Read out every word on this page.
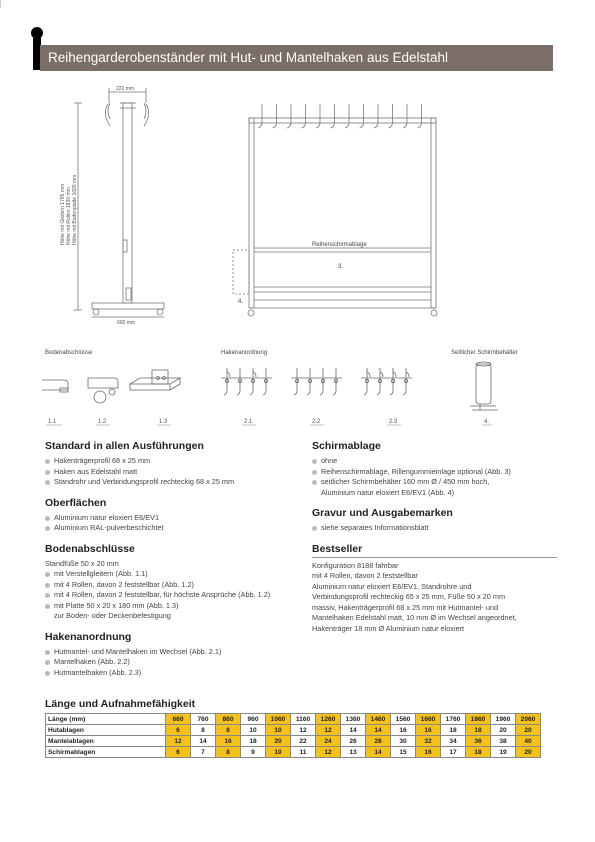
Reihengarderobenständer mit Hut- und Mantelhaken aus Edelstahl
222 mm
600 mm
Höhe mit Gleitern 1785 mm Höhe mit Rollen 1830 mm Höhe mit Bodenplatte 1695 mm	Reihenschirmablage
3.
4.
Bodenabschlüsse	Hakenanordnung	Seitlicher Schirmbehälter
1.1	1.2	1.3	2.1	2.2	2.3	4.
Standard in allen Ausführungen
Hakenträgerprofil 68 x 25 mm
Haken aus Edelstahl matt
Standrohr und Verbindungsprofil rechteckig 68 x 25 mm
Oberflächen
Aluminium natur eloxiert E6/EV1
Aluminium RAL-pulverbeschichtet
Bodenabschlüsse
Standfüße 50 x 20 mm
mit Verstellgleitern (Abb. 1.1)
mit 4 Rollen, davon 2 feststellbar (Abb. 1.2)
mit 4 Rollen, davon 2 feststellbar, für höchste Ansprüche (Abb. 1.2)
mit Platte 50 x 20 x 180 mm (Abb. 1.3)
zur Boden- oder Deckenbefestigung
Hakenanordnung
Hutmantel- und Mantelhaken im Wechsel (Abb. 2.1)
Mantelhaken (Abb. 2.2)
Hutmantelhaken (Abb. 2.3)
Schirmablage
ohne
Reihenschirmablage, Rillengummieinlage optional (Abb. 3)
seitlicher Schirmbehälter 160 mm Ø / 450 mm hoch,
Aluminium natur eloxiert E6/EV1 (Abb. 4)
Gravur und Ausgabemarken
siehe separates Informationsblatt
Bestseller
Konfiguration 8188 fahrbar
mit 4 Rollen, davon 2 feststellbar
Aluminium natur eloxiert E6/EV1, Standrohre und
Verbindungsprofil rechteckig 65 x 25 mm, Füße 50 x 20 mm
massiv, Hakenträgerprofil 68 x 25 mm mit Hutmantel- und
Mantelhaken Edelstahl matt, 10 mm Ø im Wechsel angeordnet,
Hakenträger 18 mm Ø Aluminium natur eloxiert
Länge und Aufnahmefähigkeit
Länge (mm)	660	760	860	960	1060	1160	1260	1360	1460	1560	1660	1760	1860	1960	2060
Hutablagen	6	8	8	10	10	12	12	14	14	16	16	18	18	20	20
Mantelablagen	12	14	16	18	20	22	24	26	28	30	32	34	36	38	40
Schirmablagen	6	7	8	9	10	11	12	13	14	15	16	17	18	19	20
